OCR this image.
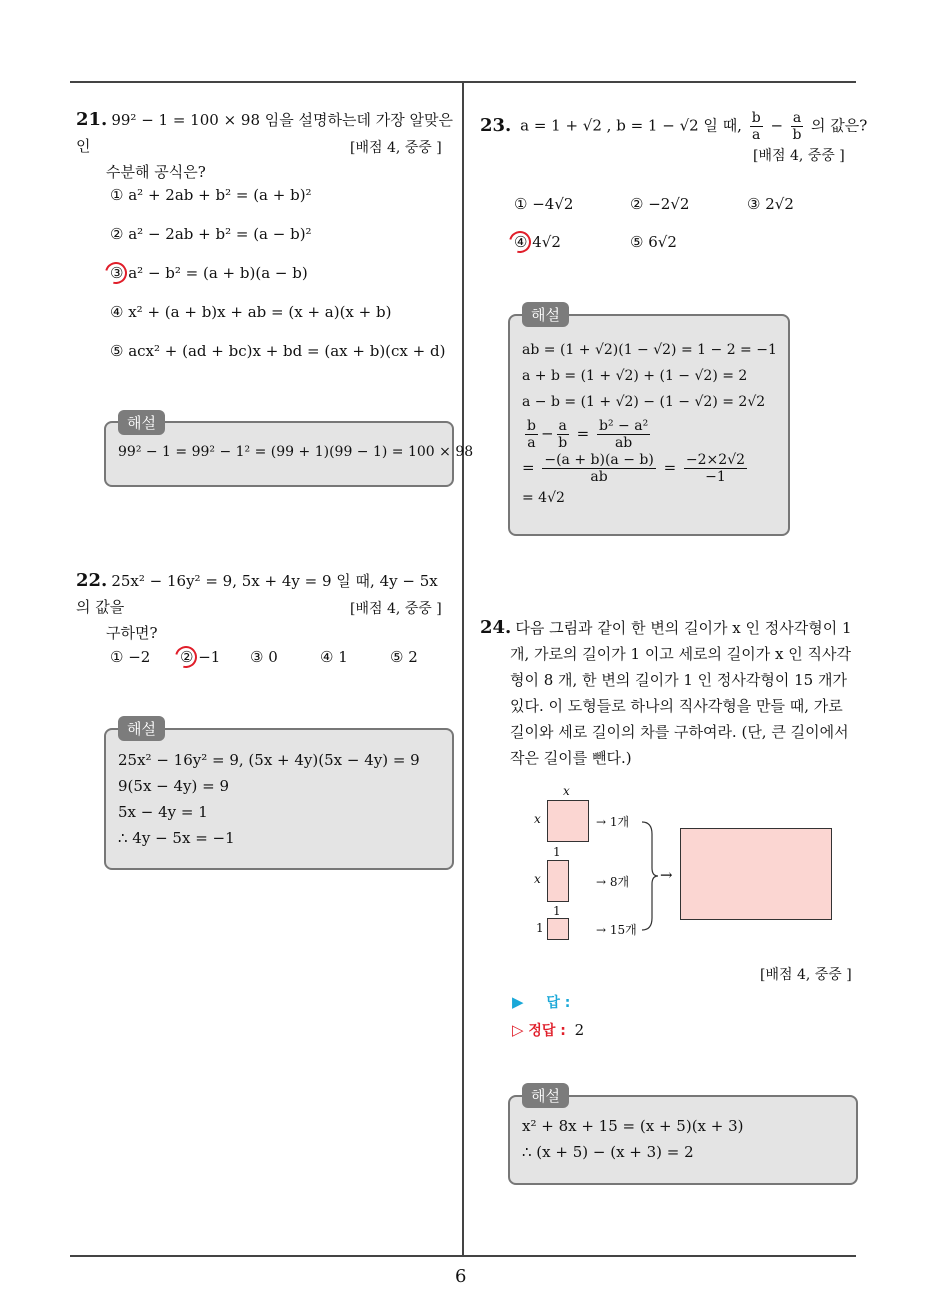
6
21. 99² − 1 = 100 × 98 임을 설명하는데 가장 알맞은 인
수분해 공식은?
[배점 4, 중중 ]
① a² + 2ab + b² = (a + b)²
② a² − 2ab + b² = (a − b)²
③ a² − b² = (a + b)(a − b)
④ x² + (a + b)x + ab = (x + a)(x + b)
⑤ acx² + (ad + bc)x + bd = (ax + b)(cx + d)
해설
99² − 1 = 99² − 1² = (99 + 1)(99 − 1) = 100 × 98
22. 25x² − 16y² = 9, 5x + 4y = 9 일 때, 4y − 5x 의 값을
구하면?
[배점 4, 중중 ]
① −2 ② −1 ③ 0	④ 1	⑤ 2
해설
25x² − 16y² = 9, (5x + 4y)(5x − 4y) = 9
9(5x − 4y) = 9
5x − 4y = 1
∴ 4y − 5x = −1
23. a = 1 + √2 , b = 1 − √2 일 때, $\frac{b}{a} - \frac{a}{b}$ 의 값은?
[배점 4, 중중 ]
① −4√2	② −2√2	③ 2√2
④ 4√2	⑤ 6√2
해설
ab = (1 + √2)(1 − √2) = 1 − 2 = −1
a + b = (1 + √2) + (1 − √2) = 2
a − b = (1 + √2) − (1 − √2) = 2√2
$\frac{b}{a} - \frac{a}{b} = \frac{\text{b² − a²}}{ab}$
= $\frac{-(a + b)(a - b)}{ab} = \frac{-2\times 2√2}{-1}$
= 4√2
24. 다음 그림과 같이 한 변의 길이가 x 인 정사각형이 1
개, 가로의 길이가 1 이고 세로의 길이가 x 인 직사각
형이 8 개, 한 변의 길이가 1 인 정사각형이 15 개가
있다. 이 도형들로 하나의 직사각형을 만들 때, 가로
길이와 세로 길이의 차를 구하여라. (단, 큰 길이에서
작은 길이를 뺀다.)
x
x	→ 1개
1
x	→ 8개
1
1	→ 15개
→
[배점 4, 중중 ]
▶ 답 :
▷ 정답 : 2
해설
x² + 8x + 15 = (x + 5)(x + 3)
∴ (x + 5) − (x + 3) = 2
